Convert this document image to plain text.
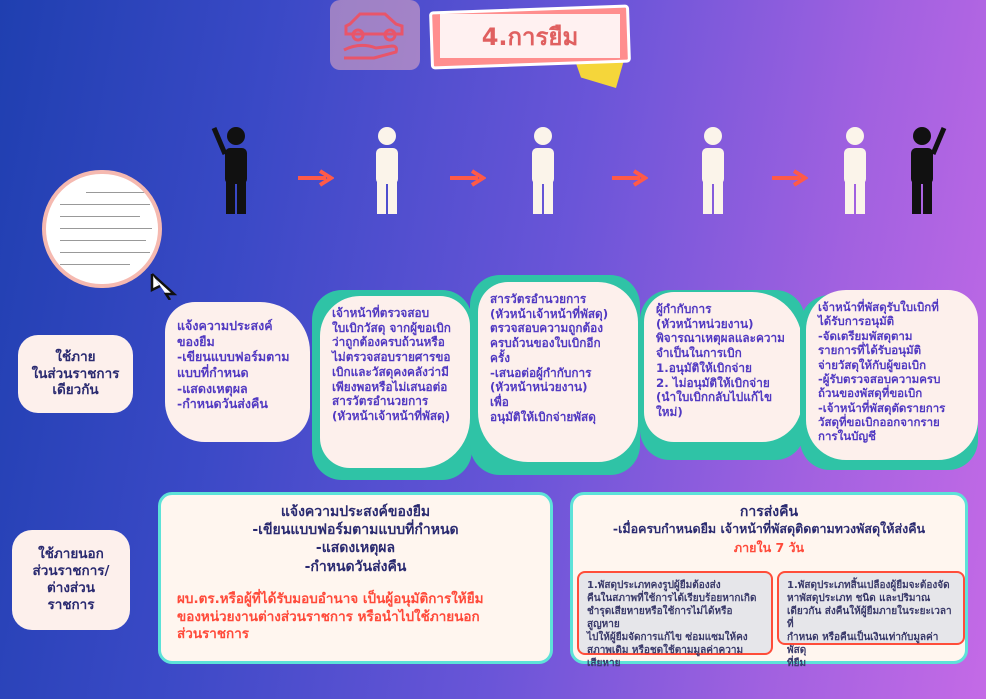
4.การยืม
ใช้ภาย
ในส่วนราชการ
เดียวกัน
ใช้ภายนอก
ส่วนราชการ/
ต่างส่วน
ราชการ

แจ้งความประสงค์
ของยืม
-เขียนแบบฟอร์มตาม
แบบที่กำหนด
-แสดงเหตุผล
-กำหนดวันส่งคืน

เจ้าหน้าที่ตรวจสอบ
ใบเบิกวัสดุ จากผู้ขอเบิก
ว่าถูกต้องครบถ้วนหรือ
ไม่ตรวจสอบรายศารขอ
เบิกและวัสดุคงคลังว่ามี
เพียงพอหรือไม่เสนอต่อ
สารวัตรอำนวยการ
(หัวหน้าเจ้าหน้าที่พัสดุ)

สารวัตรอำนวยการ
(หัวหน้าเจ้าหน้าที่พัสดุ)
ตรวจสอบความถูกต้อง
ครบถ้วนของใบเบิกอีก
ครั้ง
-เสนอต่อผู้กำกับการ
(หัวหน้าหน่วยงาน)
เพื่อ
อนุมัติให้เบิกจ่ายพัสดุ

ผู้กำกับการ
(หัวหน้าหน่วยงาน)
พิจารณาเหตุผลและความ
จำเป็นในการเบิก
1.อนุมัติให้เบิกจ่าย
2. ไม่อนุมัติให้เบิกจ่าย
(นำใบเบิกกลับไปแก้ไข
ใหม่)

เจ้าหน้าที่พัสดุรับใบเบิกที่
ได้รับการอนุมัติ
-จัดเตรียมพัสดุตาม
รายการที่ได้รับอนุมัติ
จ่ายวัสดุให้กับผู้ขอเบิก
-ผู้รับตรวจสอบความครบ
ถ้วนของพัสดุที่ขอเบิก
-เจ้าหน้าที่พัสดุตัดรายการ
วัสดุที่ขอเบิกออกจากราย
การในบัญชี

แจ้งความประสงค์ของยืม
-เขียนแบบฟอร์มตามแบบที่กำหนด
-แสดงเหตุผล
-กำหนดวันส่งคืน
ผบ.ตร.หรือผู้ที่ได้รับมอบอำนาจ เป็นผู้อนุมัติการให้ยืม
ของหน่วยงานต่างส่วนราชการ หรือนำไปใช้ภายนอก
ส่วนราชการ
การส่งคืน
-เมื่อครบกำหนดยืม เจ้าหน้าที่พัสดุติดตามทวงพัสดุให้ส่งคืน
ภายใน 7 วัน
1.พัสดุประเภทคงรูปผู้ยืมต้องส่ง
คืนในสภาพที่ใช้การได้เรียบร้อยหากเกิด
ชำรุดเสียหายหรือใช้การไม่ได้หรือสูญหาย
ไปให้ผู้ยืมจัดการแก้ไข ซ่อมแซมให้คง
สภาพเดิม หรือชดใช้ตามมูลค่าความ
เสียหาย
1.พัสดุประเภทสิ้นเปลืองผู้ยืมจะต้องจัด
หาพัสดุประเภท ชนิด และปริมาณ
เดียวกัน ส่งคืนให้ผู้ยืมภายในระยะเวลาที่
กำหนด หรือคืนเป็นเงินเท่ากับมูลค่าพัสดุ
ที่ยืม
